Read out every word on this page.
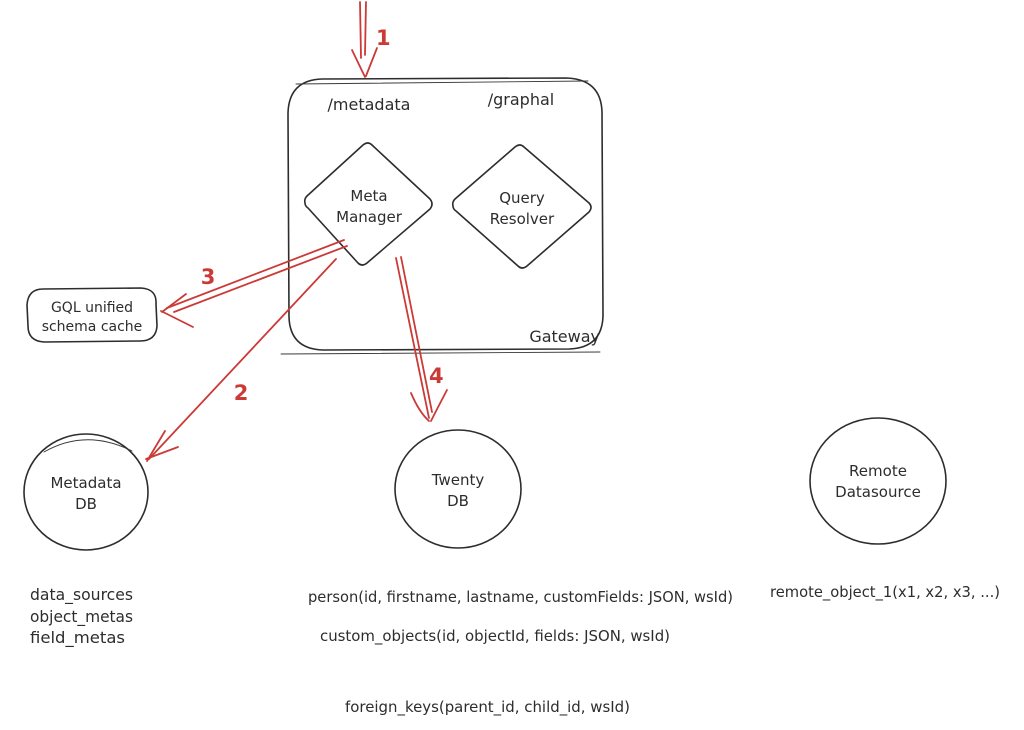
Gateway
/metadata	/graphal
Meta
Manager
Query
Resolver
GQL unified
schema cache
Metadata
DB
data_sources
object_metas
field_metas
Twenty
DB
person(id, firstname, lastname, customFields: JSON, wsId)
custom_objects(id, objectId, fields: JSON, wsId)
foreign_keys(parent_id, child_id, wsId)
Remote
Datasource
remote_object_1(x1, x2, x3, ...)
1
2
3
4
